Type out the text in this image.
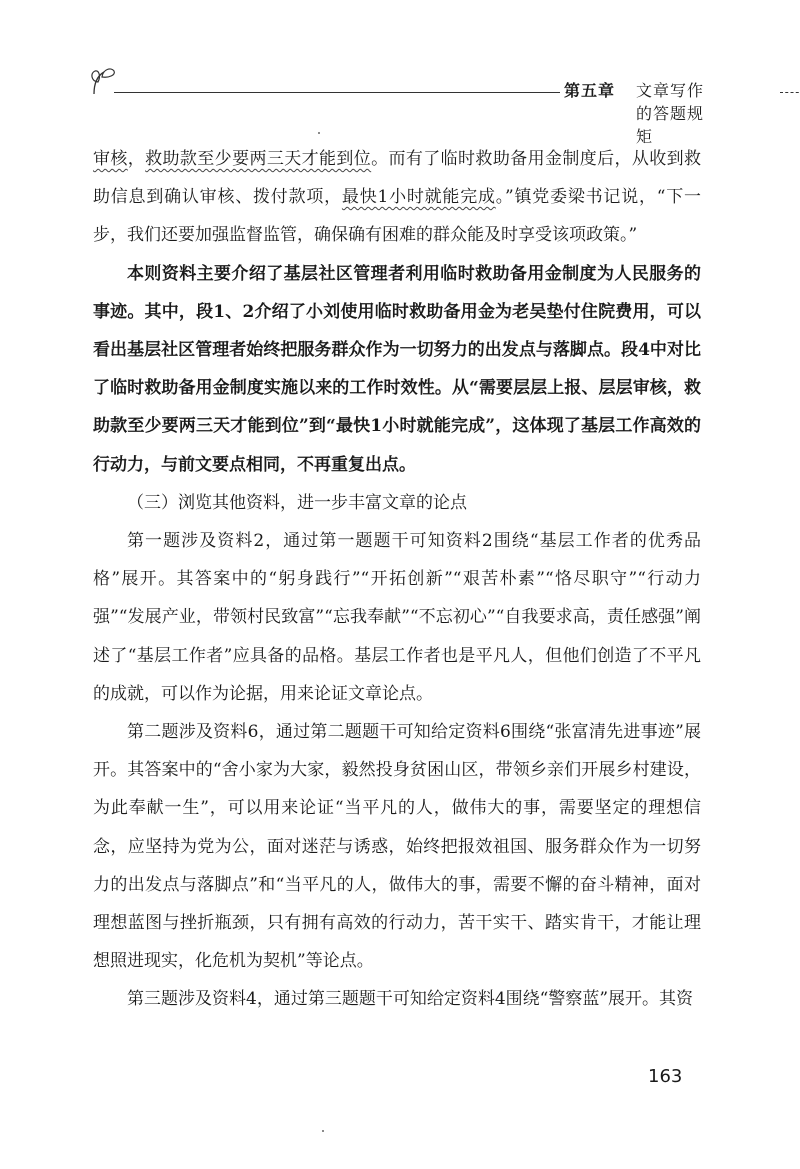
第五章 文章写作的答题规矩

审核，救助款至少要两三天才能到位。而有了临时救助备用金制度后，从收到救助信息到确认审核、拨付款项，最快1小时就能完成。”镇党委梁书记说，“下一步，我们还要加强监督监管，确保确有困难的群众能及时享受该项政策。”

本则资料主要介绍了基层社区管理者利用临时救助备用金制度为人民服务的事迹。其中，段1、2介绍了小刘使用临时救助备用金为老吴垫付住院费用，可以看出基层社区管理者始终把服务群众作为一切努力的出发点与落脚点。段4中对比了临时救助备用金制度实施以来的工作时效性。从“需要层层上报、层层审核，救助款至少要两三天才能到位”到“最快1小时就能完成”，这体现了基层工作高效的行动力，与前文要点相同，不再重复出点。

（三）浏览其他资料，进一步丰富文章的论点

第一题涉及资料2，通过第一题题干可知资料2围绕“基层工作者的优秀品格”展开。其答案中的“躬身践行”“开拓创新”“艰苦朴素”“恪尽职守”“行动力强”“发展产业，带领村民致富”“忘我奉献”“不忘初心”“自我要求高，责任感强”阐述了“基层工作者”应具备的品格。基层工作者也是平凡人，但他们创造了不平凡的成就，可以作为论据，用来论证文章论点。

第二题涉及资料6，通过第二题题干可知给定资料6围绕“张富清先进事迹”展开。其答案中的“舍小家为大家，毅然投身贫困山区，带领乡亲们开展乡村建设，为此奉献一生”，可以用来论证“当平凡的人，做伟大的事，需要坚定的理想信念，应坚持为党为公，面对迷茫与诱惑，始终把报效祖国、服务群众作为一切努力的出发点与落脚点”和“当平凡的人，做伟大的事，需要不懈的奋斗精神，面对理想蓝图与挫折瓶颈，只有拥有高效的行动力，苦干实干、踏实肯干，才能让理想照进现实，化危机为契机”等论点。

第三题涉及资料4，通过第三题题干可知给定资料4围绕“警察蓝”展开。其资

163
